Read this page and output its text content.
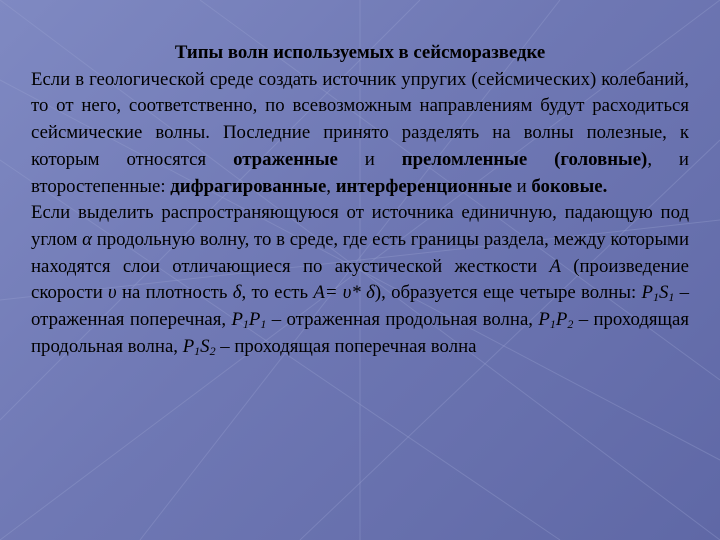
Типы волн используемых в сейсморазведке

Если в геологической среде создать источник упругих (сейсмических) колебаний, то от него, соответственно, по всевозможным направлениям будут расходиться сейсмические волны. Последние принято разделять на волны полезные, к которым относятся отраженные и преломленные (головные), и второстепенные: дифрагированные, интерференционные и боковые.

Если выделить распространяющуюся от источника единичную, падающую под углом α продольную волну, то в среде, где есть границы раздела, между которыми находятся слои отличающиеся по акустической жесткости А (произведение скорости υ на плотность δ, то есть А= υ* δ), образуется еще четыре волны: $P_1S_1$ – отраженная поперечная, $P_1P_1$ – отраженная продольная волна, $P_1P_2$ – проходящая продольная волна, $P_1S_2$ – проходящая поперечная волна
